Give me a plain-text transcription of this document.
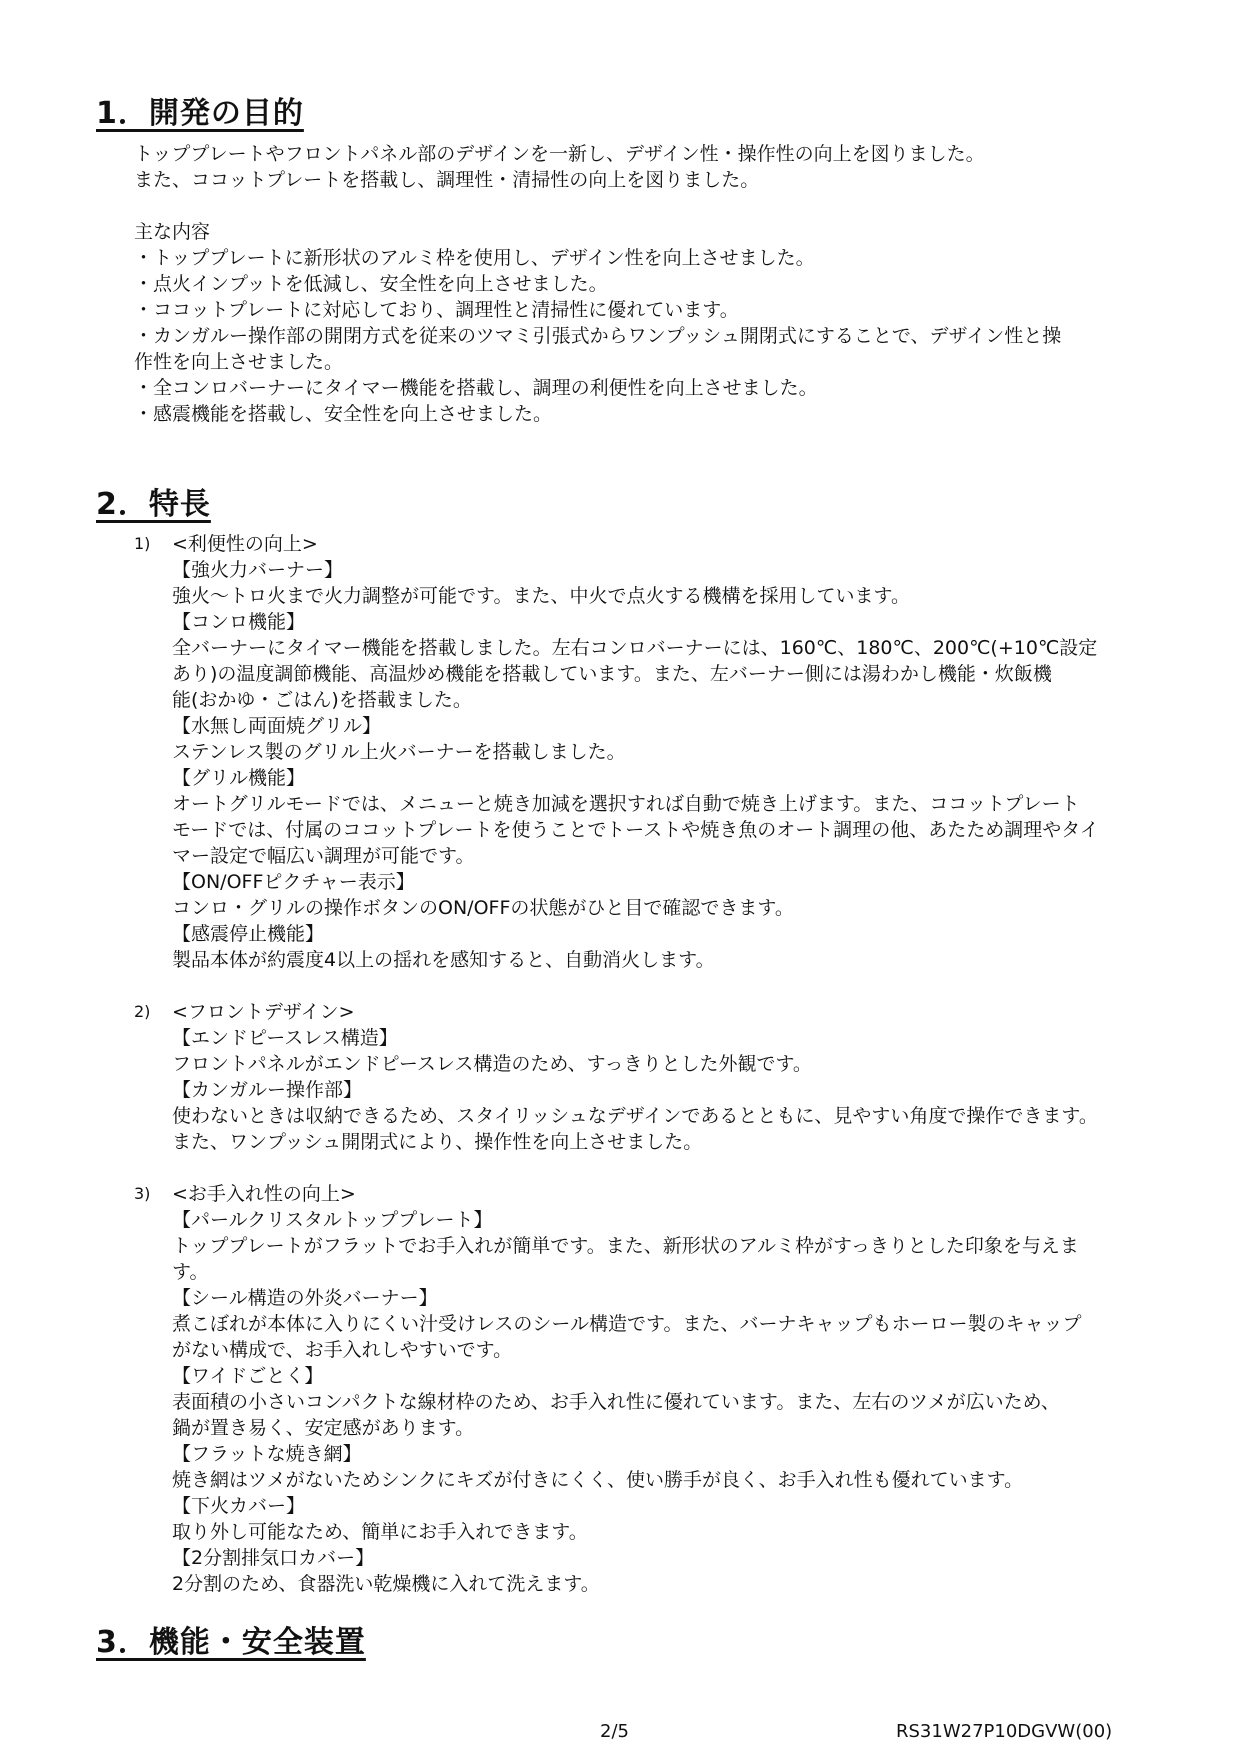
1．開発の目的

トッププレートやフロントパネル部のデザインを一新し、デザイン性・操作性の向上を図りました。

また、ココットプレートを搭載し、調理性・清掃性の向上を図りました。

主な内容

・トッププレートに新形状のアルミ枠を使用し、デザイン性を向上させました。

・点火インプットを低減し、安全性を向上させました。

・ココットプレートに対応しており、調理性と清掃性に優れています。

・カンガルー操作部の開閉方式を従来のツマミ引張式からワンプッシュ開閉式にすることで、デザイン性と操

作性を向上させました。

・全コンロバーナーにタイマー機能を搭載し、調理の利便性を向上させました。

・感震機能を搭載し、安全性を向上させました。

2．特長

1) <利便性の向上>

【強火力バーナー】

強火～トロ火まで火力調整が可能です。また、中火で点火する機構を採用しています。

【コンロ機能】

全バーナーにタイマー機能を搭載しました。左右コンロバーナーには、160℃、180℃、200℃(+10℃設定

あり)の温度調節機能、高温炒め機能を搭載しています。また、左バーナー側には湯わかし機能・炊飯機

能(おかゆ・ごはん)を搭載ました。

【水無し両面焼グリル】

ステンレス製のグリル上火バーナーを搭載しました。

【グリル機能】

オートグリルモードでは、メニューと焼き加減を選択すれば自動で焼き上げます。また、ココットプレート

モードでは、付属のココットプレートを使うことでトーストや焼き魚のオート調理の他、あたため調理やタイ

マー設定で幅広い調理が可能です。

【ON/OFFピクチャー表示】

コンロ・グリルの操作ボタンのON/OFFの状態がひと目で確認できます。

【感震停止機能】

製品本体が約震度4以上の揺れを感知すると、自動消火します。

2) <フロントデザイン>

【エンドピースレス構造】

フロントパネルがエンドピースレス構造のため、すっきりとした外観です。

【カンガルー操作部】

使わないときは収納できるため、スタイリッシュなデザインであるとともに、見やすい角度で操作できます。

また、ワンプッシュ開閉式により、操作性を向上させました。

3) <お手入れ性の向上>

【パールクリスタルトッププレート】

トッププレートがフラットでお手入れが簡単です。また、新形状のアルミ枠がすっきりとした印象を与えま

す。

【シール構造の外炎バーナー】

煮こぼれが本体に入りにくい汁受けレスのシール構造です。また、バーナキャップもホーロー製のキャップ

がない構成で、お手入れしやすいです。

【ワイドごとく】

表面積の小さいコンパクトな線材枠のため、お手入れ性に優れています。また、左右のツメが広いため、

鍋が置き易く、安定感があります。

【フラットな焼き網】

焼き網はツメがないためシンクにキズが付きにくく、使い勝手が良く、お手入れ性も優れています。

【下火カバー】

取り外し可能なため、簡単にお手入れできます。

【2分割排気口カバー】

2分割のため、食器洗い乾燥機に入れて洗えます。

3．機能・安全装置
2/5	RS31W27P10DGVW(00)
